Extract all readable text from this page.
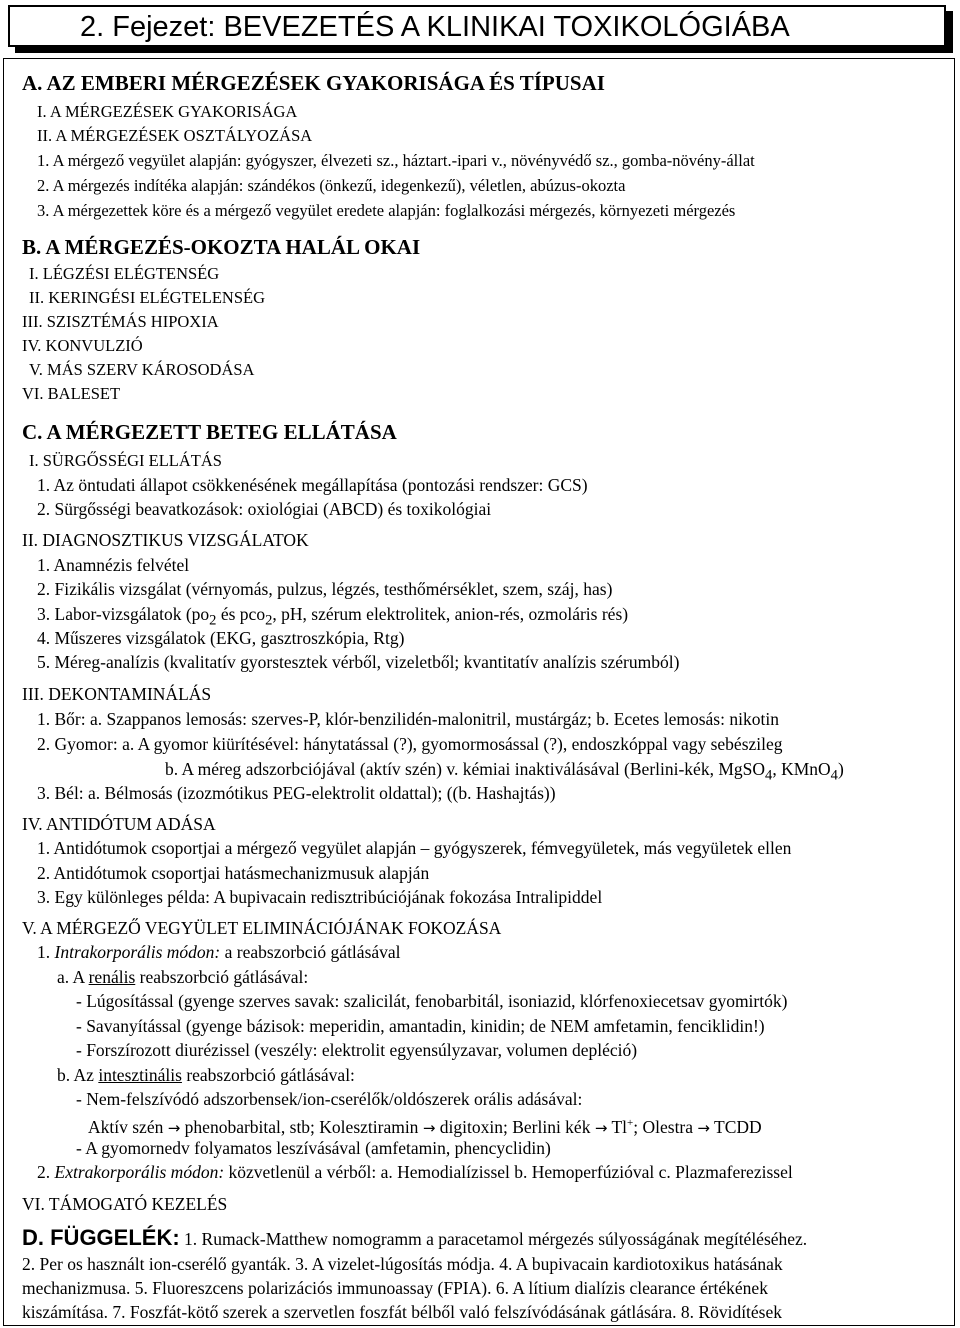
2. Fejezet: BEVEZETÉS A KLINIKAI TOXIKOLÓGIÁBA
A. AZ EMBERI MÉRGEZÉSEK GYAKORISÁGA ÉS TÍPUSAI
I. A MÉRGEZÉSEK GYAKORISÁGA
II. A MÉRGEZÉSEK OSZTÁLYOZÁSA
1. A mérgező vegyület alapján: gyógyszer, élvezeti sz., háztart.-ipari v., növényvédő sz., gomba-növény-állat
2. A mérgezés indítéka alapján: szándékos (önkezű, idegenkezű), véletlen, abúzus-okozta
3. A mérgezettek köre és a mérgező vegyület eredete alapján: foglalkozási mérgezés, környezeti mérgezés
B. A MÉRGEZÉS-OKOZTA HALÁL OKAI
I. LÉGZÉSI ELÉGTENSÉG
II. KERINGÉSI ELÉGTELENSÉG
III. SZISZTÉMÁS HIPOXIA
IV. KONVULZIÓ
V. MÁS SZERV KÁROSODÁSA
VI. BALESET
C. A MÉRGEZETT BETEG ELLÁTÁSA
I. SÜRGŐSSÉGI ELLÁTÁS
1. Az öntudati állapot csökkenésének megállapítása (pontozási rendszer: GCS)
2. Sürgősségi beavatkozások: oxiológiai (ABCD) és toxikológiai
II. DIAGNOSZTIKUS VIZSGÁLATOK
1. Anamnézis felvétel
2. Fizikális vizsgálat (vérnyomás, pulzus, légzés, testhőmérséklet, szem, száj, has)
3. Labor-vizsgálatok ($po_2$ és pco$_2$, pH, szérum elektrolitek, anion-rés, ozmoláris rés)
4. Műszeres vizsgálatok (EKG, gasztroszkópia, Rtg)
5. Méreg-analízis (kvalitatív gyorstesztek vérből, vizeletből; kvantitatív analízis szérumból)
III. DEKONTAMINÁLÁS
1. Bőr: a. Szappanos lemosás: szerves-P, klór-benzilidén-malonitril, mustárgáz; b. Ecetes lemosás: nikotin
2. Gyomor: a. A gyomor kiürítésével: hánytatással (?), gyomormosással (?), endoszkóppal vagy sebészileg
b. A méreg adszorbciójával (aktív szén) v. kémiai inaktiválásával (Berlini-kék, MgSO$_4$, KMnO$_4$)
3. Bél: a. Bélmosás (izozmótikus PEG-elektrolit oldattal); ((b. Hashajtás))
IV. ANTIDÓTUM ADÁSA
1. Antidótumok csoportjai a mérgező vegyület alapján – gyógyszerek, fémvegyületek, más vegyületek ellen
2. Antidótumok csoportjai hatásmechanizmusuk alapján
3. Egy különleges példa: A bupivacain redisztribúciójának fokozása Intralipiddel
V. A MÉRGEZŐ VEGYÜLET ELIMINÁCIÓJÁNAK FOKOZÁSA
1. Intrakorporális módon: a reabszorbció gátlásával
a. A renális reabszorbció gátlásával:
- Lúgosítással (gyenge szerves savak: szalicilát, fenobarbitál, isoniazid, klórfenoxiecetsav gyomirtók)
- Savanyítással (gyenge bázisok: meperidin, amantadin, kinidin; de NEM amfetamin, fenciklidin!)
- Forszírozott diurézissel (veszély: elektrolit egyensúlyzavar, volumen depléció)
b. Az intesztinális reabszorbció gátlásával:
- Nem-felszívódó adszorbensek/ion-cserélők/oldószerek orális adásával:
Aktív szén → phenobarbital, stb; Kolesztiramin → digitoxin; Berlini kék → Tl+; Olestra → TCDD
- A gyomornedv folyamatos leszívásával (amfetamin, phencyclidin)
2. Extrakorporális módon: közvetlenül a vérből: a. Hemodialízissel b. Hemoperfúzióval c. Plazmaferezissel
VI. TÁMOGATÓ KEZELÉS
D. FÜGGELÉK: 1. Rumack-Matthew nomogramm a paracetamol mérgezés súlyosságának megítéléséhez.
2. Per os használt ion-cserélő gyanták. 3. A vizelet-lúgosítás módja. 4. A bupivacain kardiotoxikus hatásának
mechanizmusa. 5. Fluoreszcens polarizációs immunoassay (FPIA). 6. A lítium dialízis clearance értékének
kiszámítása. 7. Foszfát-kötő szerek a szervetlen foszfát bélből való felszívódásának gátlására. 8. Rövidítések
